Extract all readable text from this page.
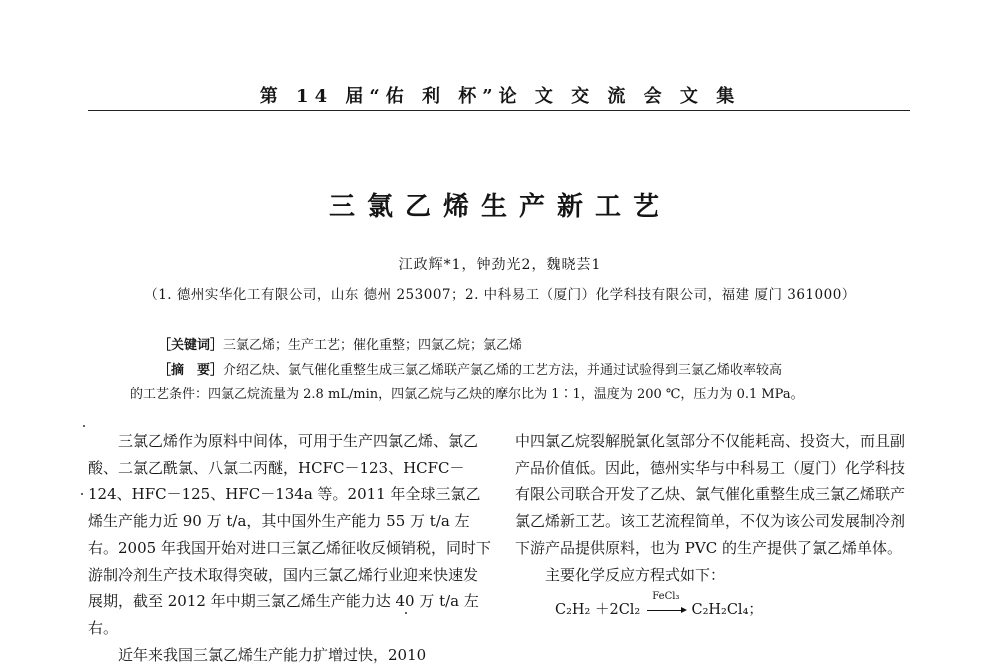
第 14 届“佑 利 杯”论 文 交 流 会 文 集
三氯乙烯生产新工艺
江政辉*1，钟劲光2，魏晓芸1
（1. 德州实华化工有限公司，山东 德州 253007；2. 中科易工（厦门）化学科技有限公司，福建 厦门 361000）
［关键词］三氯乙烯；生产工艺；催化重整；四氯乙烷；氯乙烯
［摘　要］介绍乙炔、氯气催化重整生成三氯乙烯联产氯乙烯的工艺方法，并通过试验得到三氯乙烯收率较高
的工艺条件：四氯乙烷流量为 2.8 mL/min，四氯乙烷与乙炔的摩尔比为 1∶1，温度为 200 ℃，压力为 0.1 MPa。

三氯乙烯作为原料中间体，可用于生产四氯乙烯、氯乙酸、二氯乙酰氯、八氯二丙醚，HCFC－123、HCFC－124、HFC－125、HFC－134a 等。2011 年全球三氯乙烯生产能力近 90 万 t/a，其中国外生产能力 55 万 t/a 左右。2005 年我国开始对进口三氯乙烯征收反倾销税，同时下游制冷剂生产技术取得突破，国内三氯乙烯行业迎来快速发展期，截至 2012 年中期三氯乙烯生产能力达 40 万 t/a 左右。

近年来我国三氯乙烯生产能力扩增过快，2010

中四氯乙烷裂解脱氯化氢部分不仅能耗高、投资大，而且副产品价值低。因此，德州实华与中科易工（厦门）化学科技有限公司联合开发了乙炔、氯气催化重整生成三氯乙烯联产氯乙烯新工艺。该工艺流程简单，不仅为该公司发展制冷剂下游产品提供原料，也为 PVC 的生产提供了氯乙烯单体。

主要化学反应方程式如下：

C₂H₂ ＋2Cl₂
FeCl₃
C₂H₂Cl₄；
